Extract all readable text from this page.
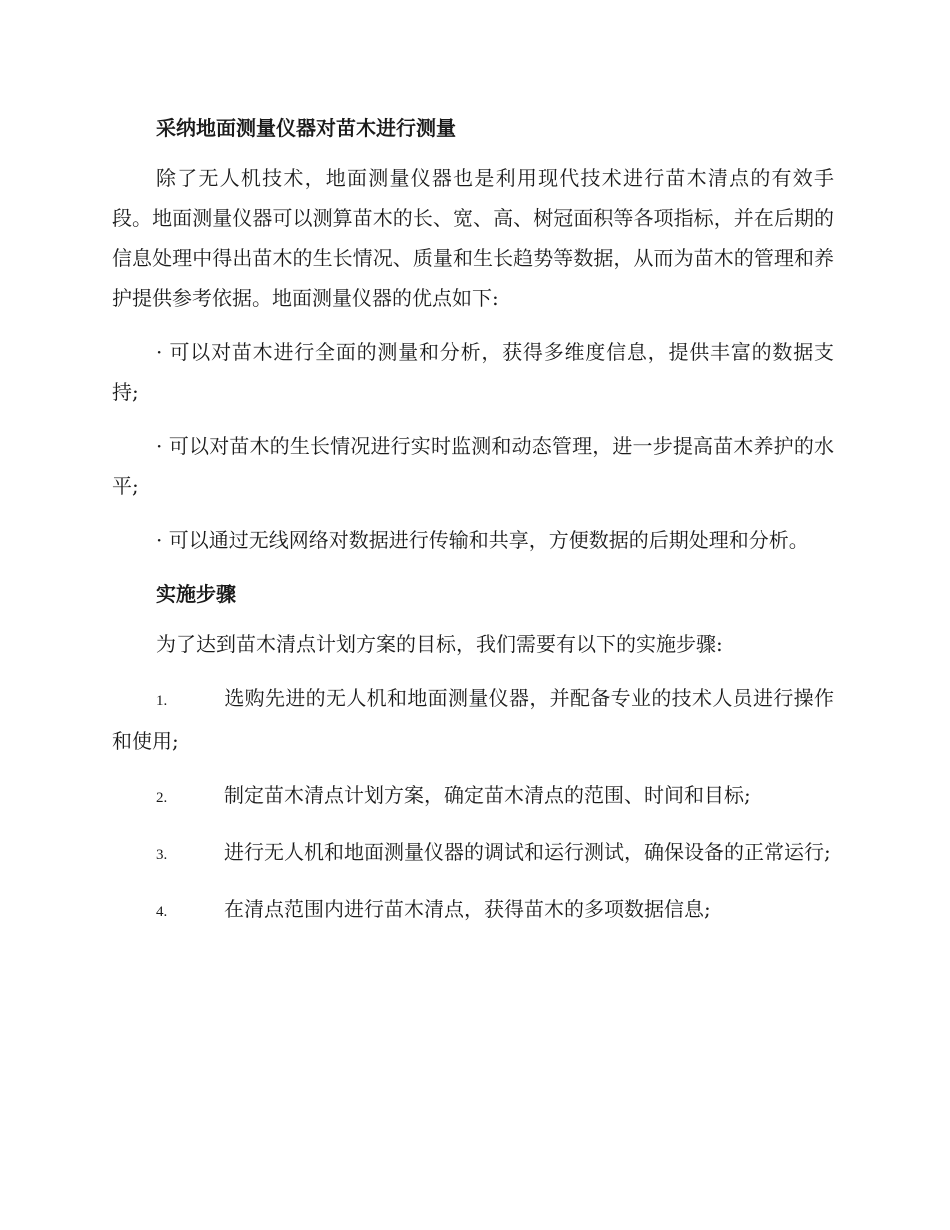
采纳地面测量仪器对苗木进行测量

除了无人机技术，地面测量仪器也是利用现代技术进行苗木清点的有效手段。地面测量仪器可以测算苗木的长、宽、高、树冠面积等各项指标，并在后期的信息处理中得出苗木的生长情况、质量和生长趋势等数据，从而为苗木的管理和养护提供参考依据。地面测量仪器的优点如下:

· 可以对苗木进行全面的测量和分析，获得多维度信息，提供丰富的数据支持;

· 可以对苗木的生长情况进行实时监测和动态管理，进一步提高苗木养护的水平;

· 可以通过无线网络对数据进行传输和共享，方便数据的后期处理和分析。

实施步骤

为了达到苗木清点计划方案的目标，我们需要有以下的实施步骤:

1.	选购先进的无人机和地面测量仪器，并配备专业的技术人员进行操作和使用;

2.	制定苗木清点计划方案，确定苗木清点的范围、时间和目标;

3.	进行无人机和地面测量仪器的调试和运行测试，确保设备的正常运行;

4.	在清点范围内进行苗木清点，获得苗木的多项数据信息;
